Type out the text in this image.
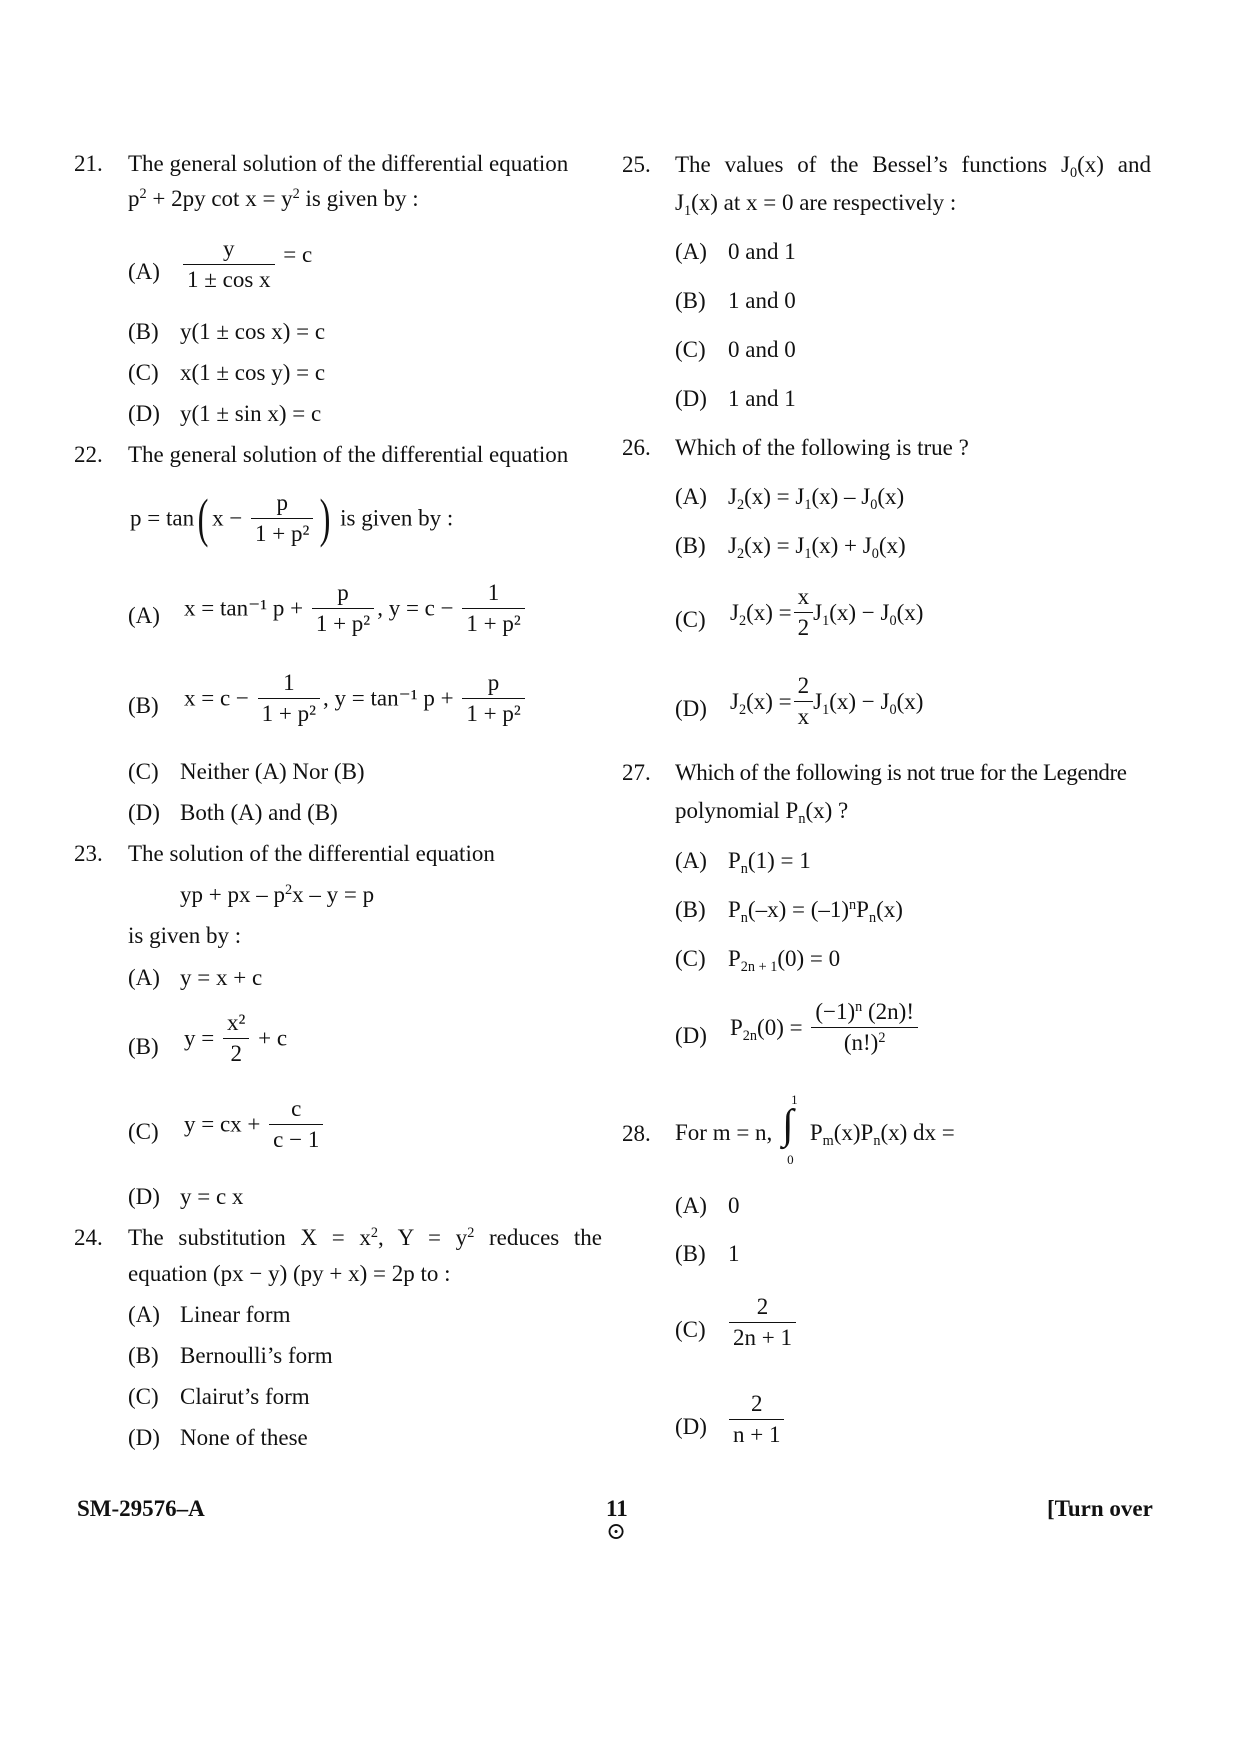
21. The general solution of the differential equation
$p^2 + 2py$ $\cot x = y^2$ is given by :
$(A) \frac{y}{\text{1 ± cos x}} = c$
(B) y(1 ± cos x) = c
(C) x(1 ± cos y) = c
(D) y(1 ± sin x) = c
22. The general solution of the differential equation
p = tan( $x - \frac{p}{\text{1 + p²}}$ ) is given by :
(A) x = tan⁻¹ $p + \frac{p}{\text{1 + p²}}$ , $y = c - \frac{1}{\text{1 + p²}}$
(B) $x = c - \frac{1}{\text{1 + p²}}$ , y = tan⁻¹ $p + \frac{p}{\text{1 + p²}}$
(C) Neither (A) Nor (B)
(D) Both (A) and (B)
23. The solution of the differential equation
yp + px – $p^2x - y = p$
is given by :
(A) y = x + c
(B) $y = \frac{\text{x²}}{2} + c$
(C) y = cx + $\frac{c}{c - 1}$
(D) y = c x
24. The substitution $X = x^2$, $Y = y^2$ reduces the
equation (px − y) (py + x) = 2p to :
(A) Linear form
(B) Bernoulli’s form
(C) Clairut’s form
(D) None of these
25. The values of the Bessel’s functions $J_0(x)$ and
$J_1(x)$ at x = 0 are respectively :
(A) 0 and 1
(B) 1 and 0
(C) 0 and 0
(D) 1 and 1
26. Which of the following is true ?
(A) $J_2(x) = J_1(x) - J_0(x)$
(B) $J_2(x) = J_1(x) + J_0(x)$
(C) $J_2(x) = \frac{x}{2} J_1(x) - J_0(x)$
(D) $J_2(x) = \frac{2}{x} J_1(x) - J_0(x)$
27. Which of the following is not true for the Legendre
polynomial $P_n(x)$ ?
(A) $P_n(1) = 1$
(B) $P_n(-x) = (-1)^nP_n(x)$
(C) $P_{2n + 1}(0) = 0$
(D) $P_{2n}(0) = \frac{(-1)^n (2n)!}{(n!)^2}$
28. For m = n, ∫
1
0
$P_m(x)P_n(x)$ dx =
(A) 0
(B) 1
$(C) \frac{2}{2n + 1}$
$(D) \frac{2}{n + 1}$
SM-29576–A	11
⊙
[Turn over
